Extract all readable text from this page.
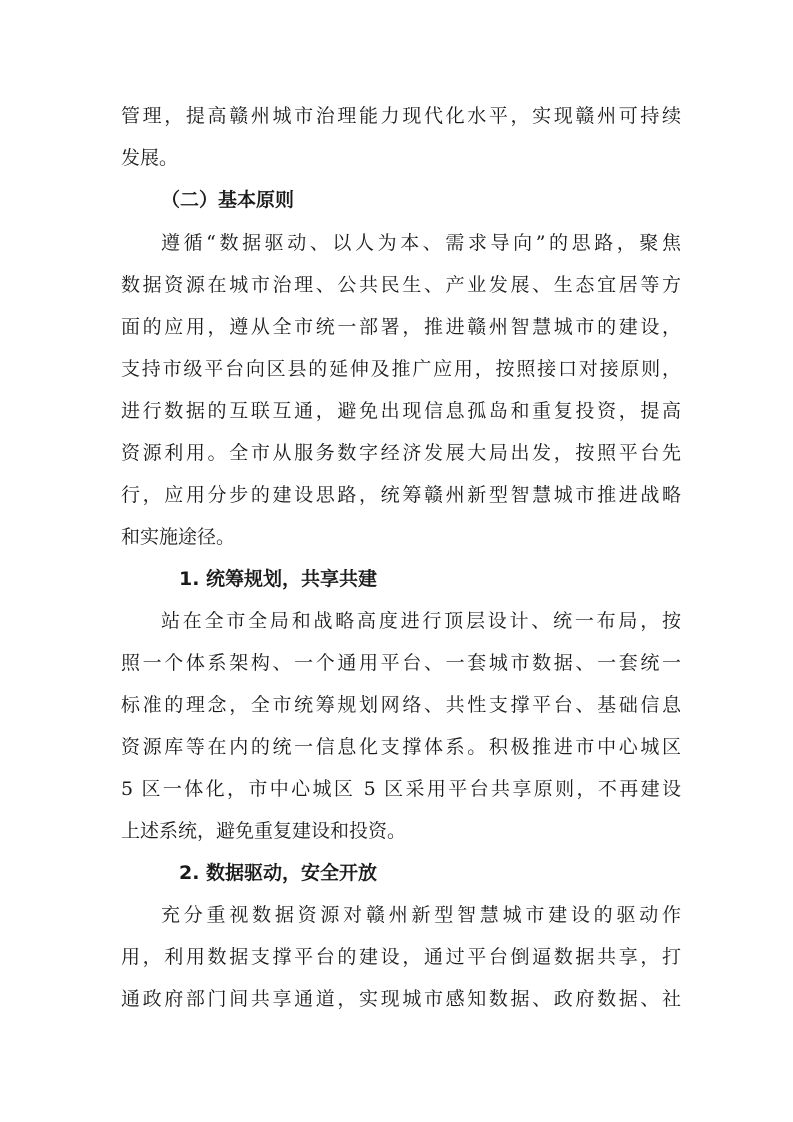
管理，提高赣州城市治理能力现代化水平，实现赣州可持续
发展。
（二）基本原则
遵循“数据驱动、以人为本、需求导向”的思路，聚焦
数据资源在城市治理、公共民生、产业发展、生态宜居等方
面的应用，遵从全市统一部署，推进赣州智慧城市的建设，
支持市级平台向区县的延伸及推广应用，按照接口对接原则，
进行数据的互联互通，避免出现信息孤岛和重复投资，提高
资源利用。全市从服务数字经济发展大局出发，按照平台先
行，应用分步的建设思路，统筹赣州新型智慧城市推进战略
和实施途径。
1. 统筹规划，共享共建
站在全市全局和战略高度进行顶层设计、统一布局，按
照一个体系架构、一个通用平台、一套城市数据、一套统一
标准的理念，全市统筹规划网络、共性支撑平台、基础信息
资源库等在内的统一信息化支撑体系。积极推进市中心城区
5 区一体化，市中心城区 5 区采用平台共享原则，不再建设
上述系统，避免重复建设和投资。
2. 数据驱动，安全开放
充分重视数据资源对赣州新型智慧城市建设的驱动作
用，利用数据支撑平台的建设，通过平台倒逼数据共享，打
通政府部门间共享通道，实现城市感知数据、政府数据、社
